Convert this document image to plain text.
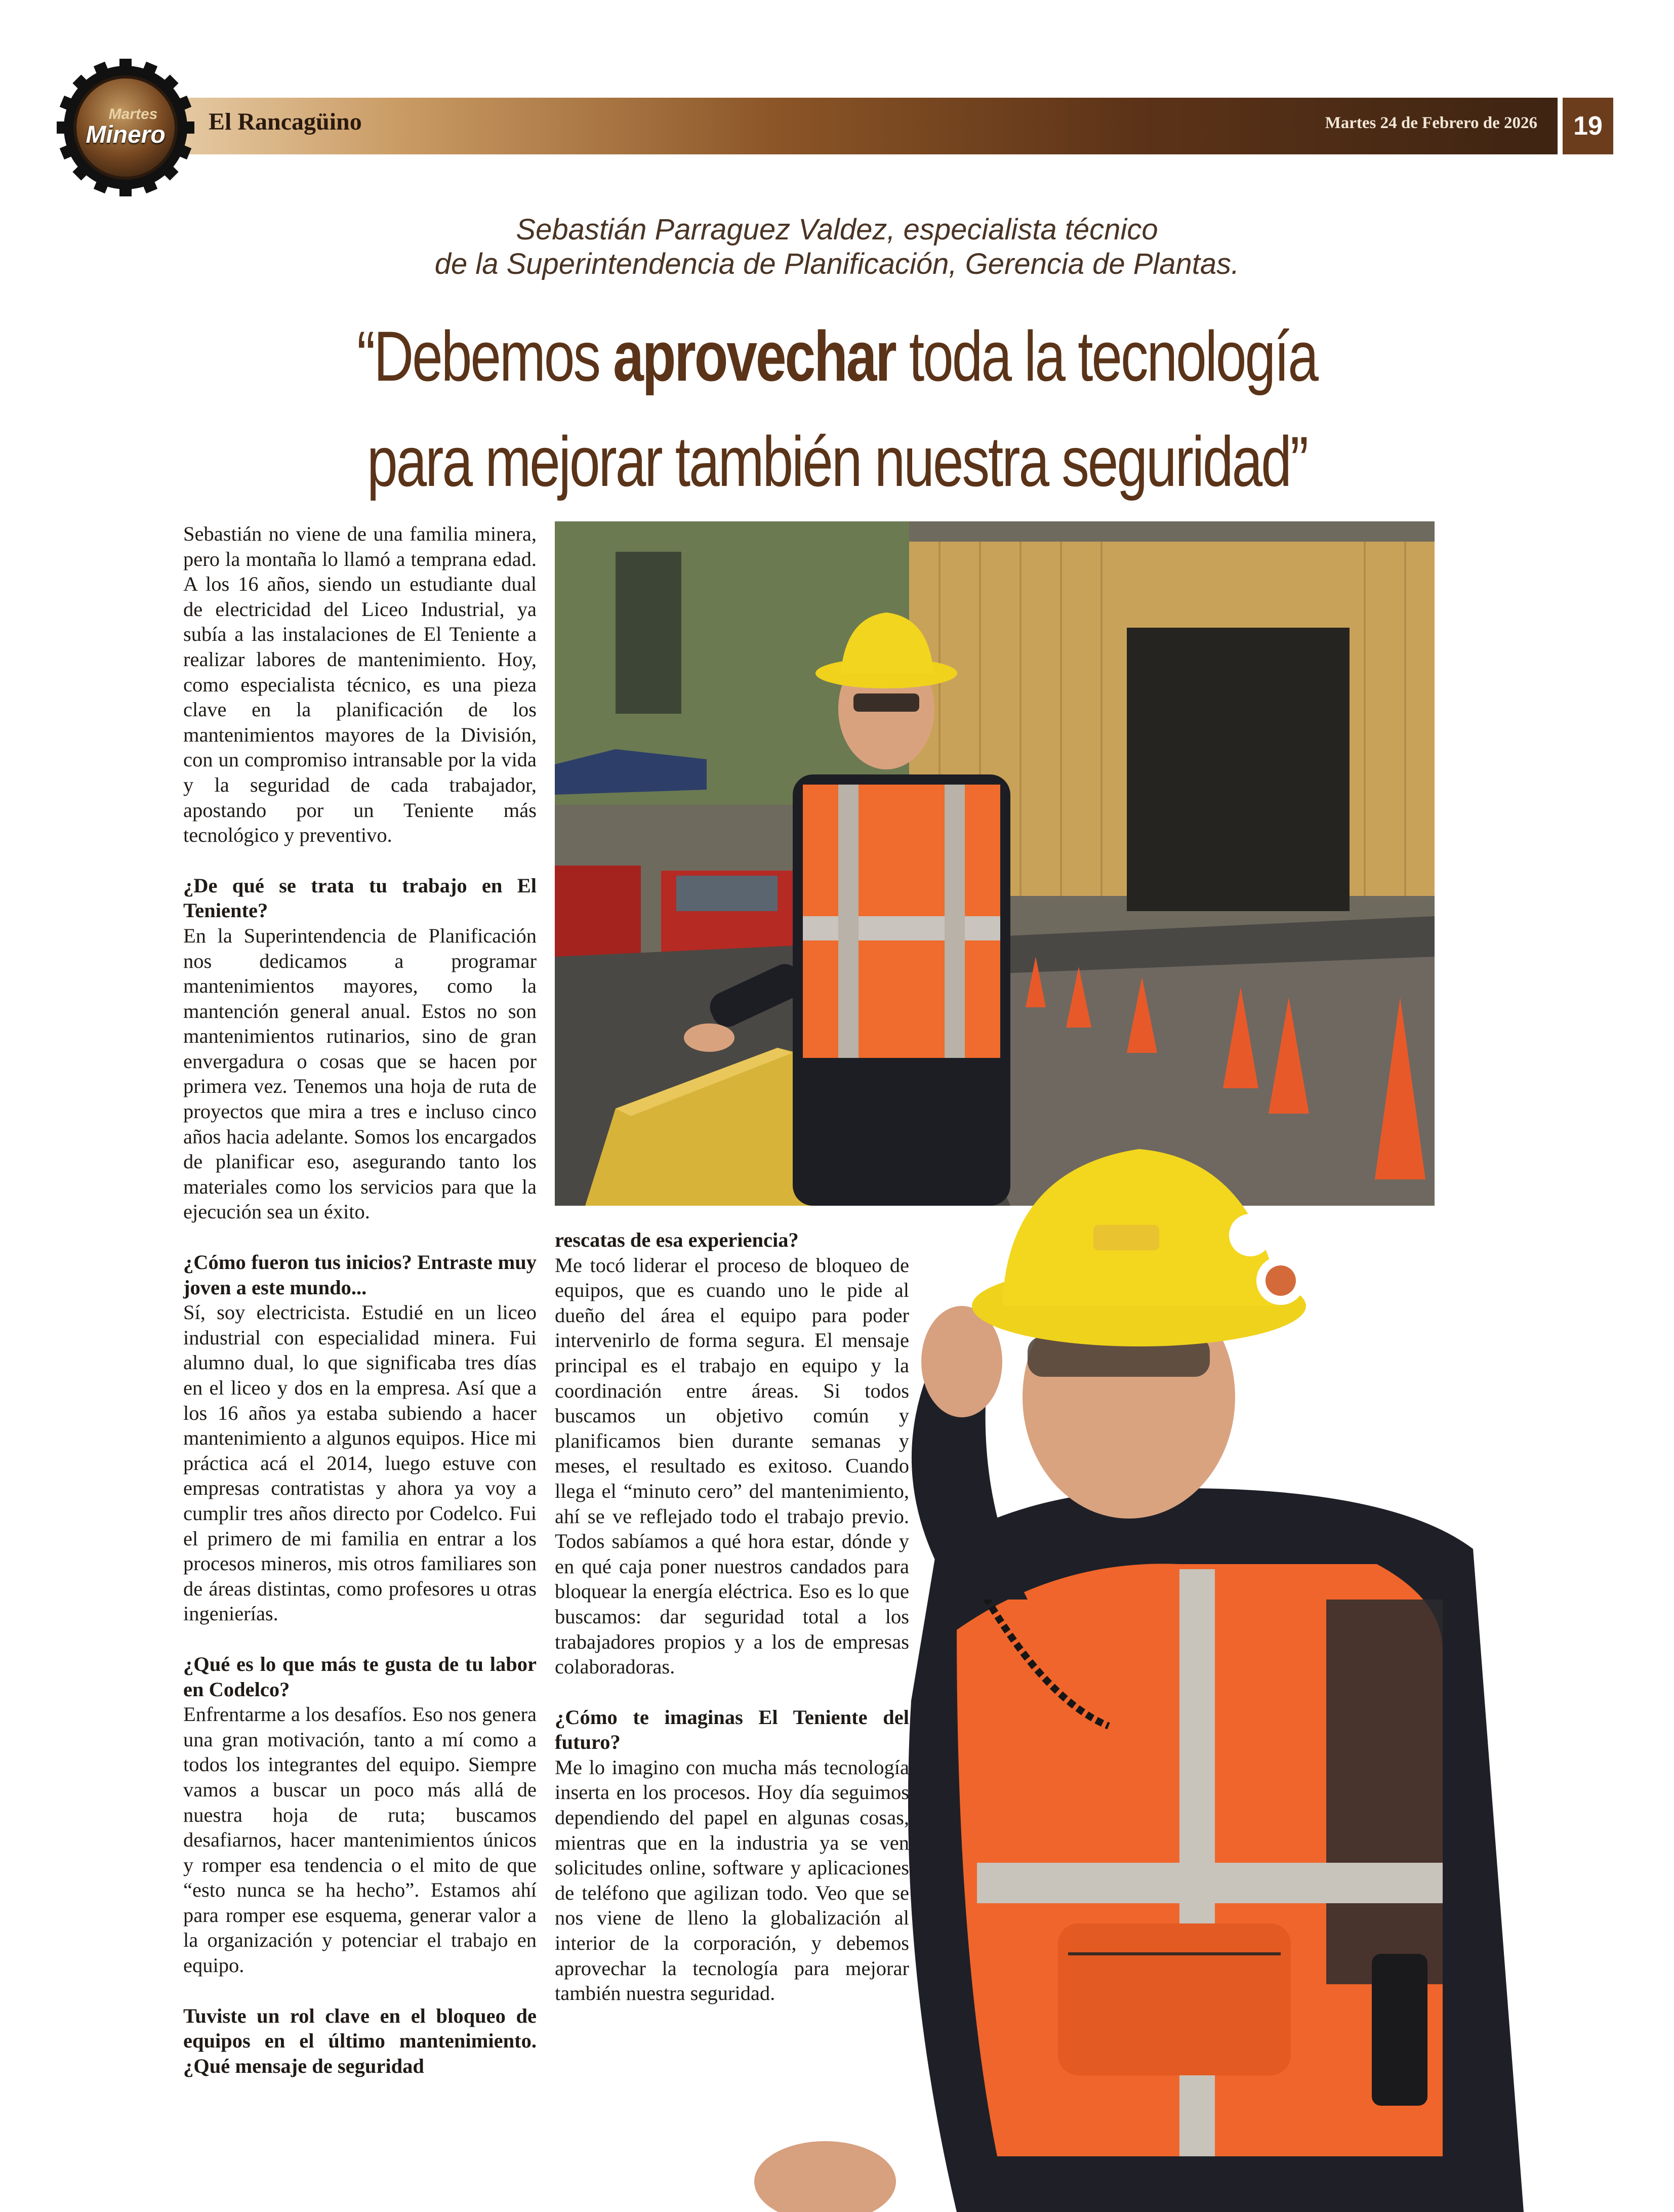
El Rancagüino	Martes 24 de Febrero de 2026	19
Martes
Minero
Sebastián Parraguez Valdez, especialista técnico
de la Superintendencia de Planificación, Gerencia de Plantas.
“Debemos aprovechar toda la tecnología
para mejorar también nuestra seguridad”

Sebastián no viene de una familia minera, pero la montaña lo llamó a temprana edad. A los 16 años, siendo un estudiante dual de electricidad del Liceo Industrial, ya subía a las instalaciones de El Teniente a realizar labores de mantenimiento. Hoy, como especialista técnico, es una pieza clave en la planificación de los mantenimientos mayores de la División, con un compromiso intransable por la vida y la seguridad de cada trabajador, apostando por un Teniente más tecnológico y preventivo.

¿De qué se trata tu trabajo en El Teniente?

En la Superintendencia de Planificación nos dedicamos a programar mantenimientos mayores, como la mantención general anual. Estos no son mantenimientos rutinarios, sino de gran envergadura o cosas que se hacen por primera vez. Tenemos una hoja de ruta de proyectos que mira a tres e incluso cinco años hacia adelante. Somos los encargados de planificar eso, asegurando tanto los materiales como los servicios para que la ejecución sea un éxito.

¿Cómo fueron tus inicios? Entraste muy joven a este mundo...

Sí, soy electricista. Estudié en un liceo industrial con especialidad minera. Fui alumno dual, lo que significaba tres días en el liceo y dos en la empresa. Así que a los 16 años ya estaba subiendo a hacer mantenimiento a algunos equipos. Hice mi práctica acá el 2014, luego estuve con empresas contratistas y ahora ya voy a cumplir tres años directo por Codelco. Fui el primero de mi familia en entrar a los procesos mineros, mis otros familiares son de áreas distintas, como profesores u otras ingenierías.

¿Qué es lo que más te gusta de tu labor en Codelco?

Enfrentarme a los desafíos. Eso nos genera una gran motivación, tanto a mí como a todos los integrantes del equipo. Siempre vamos a buscar un poco más allá de nuestra hoja de ruta; buscamos desafiarnos, hacer mantenimientos únicos y romper esa tendencia o el mito de que “esto nunca se ha hecho”. Estamos ahí para romper ese esquema, generar valor a la organización y potenciar el trabajo en equipo.

Tuviste un rol clave en el bloqueo de equipos en el último mantenimiento. ¿Qué mensaje de seguridad

rescatas de esa experiencia?

Me tocó liderar el proceso de bloqueo de equipos, que es cuando uno le pide al dueño del área el equipo para poder intervenirlo de forma segura. El mensaje principal es el trabajo en equipo y la coordinación entre áreas. Si todos buscamos un objetivo común y planificamos bien durante semanas y meses, el resultado es exitoso. Cuando llega el “minuto cero” del mantenimiento, ahí se ve reflejado todo el trabajo previo. Todos sabíamos a qué hora estar, dónde y en qué caja poner nuestros candados para bloquear la energía eléctrica. Eso es lo que buscamos: dar seguridad total a los trabajadores propios y a los de empresas colaboradoras.

¿Cómo te imaginas El Teniente del futuro?

Me lo imagino con mucha más tecnología inserta en los procesos. Hoy día seguimos dependiendo del papel en algunas cosas, mientras que en la industria ya se ven solicitudes online, software y aplicaciones de teléfono que agilizan todo. Veo que se nos viene de lleno la globalización al interior de la corporación, y debemos aprovechar la tecnología para mejorar también nuestra seguridad.
